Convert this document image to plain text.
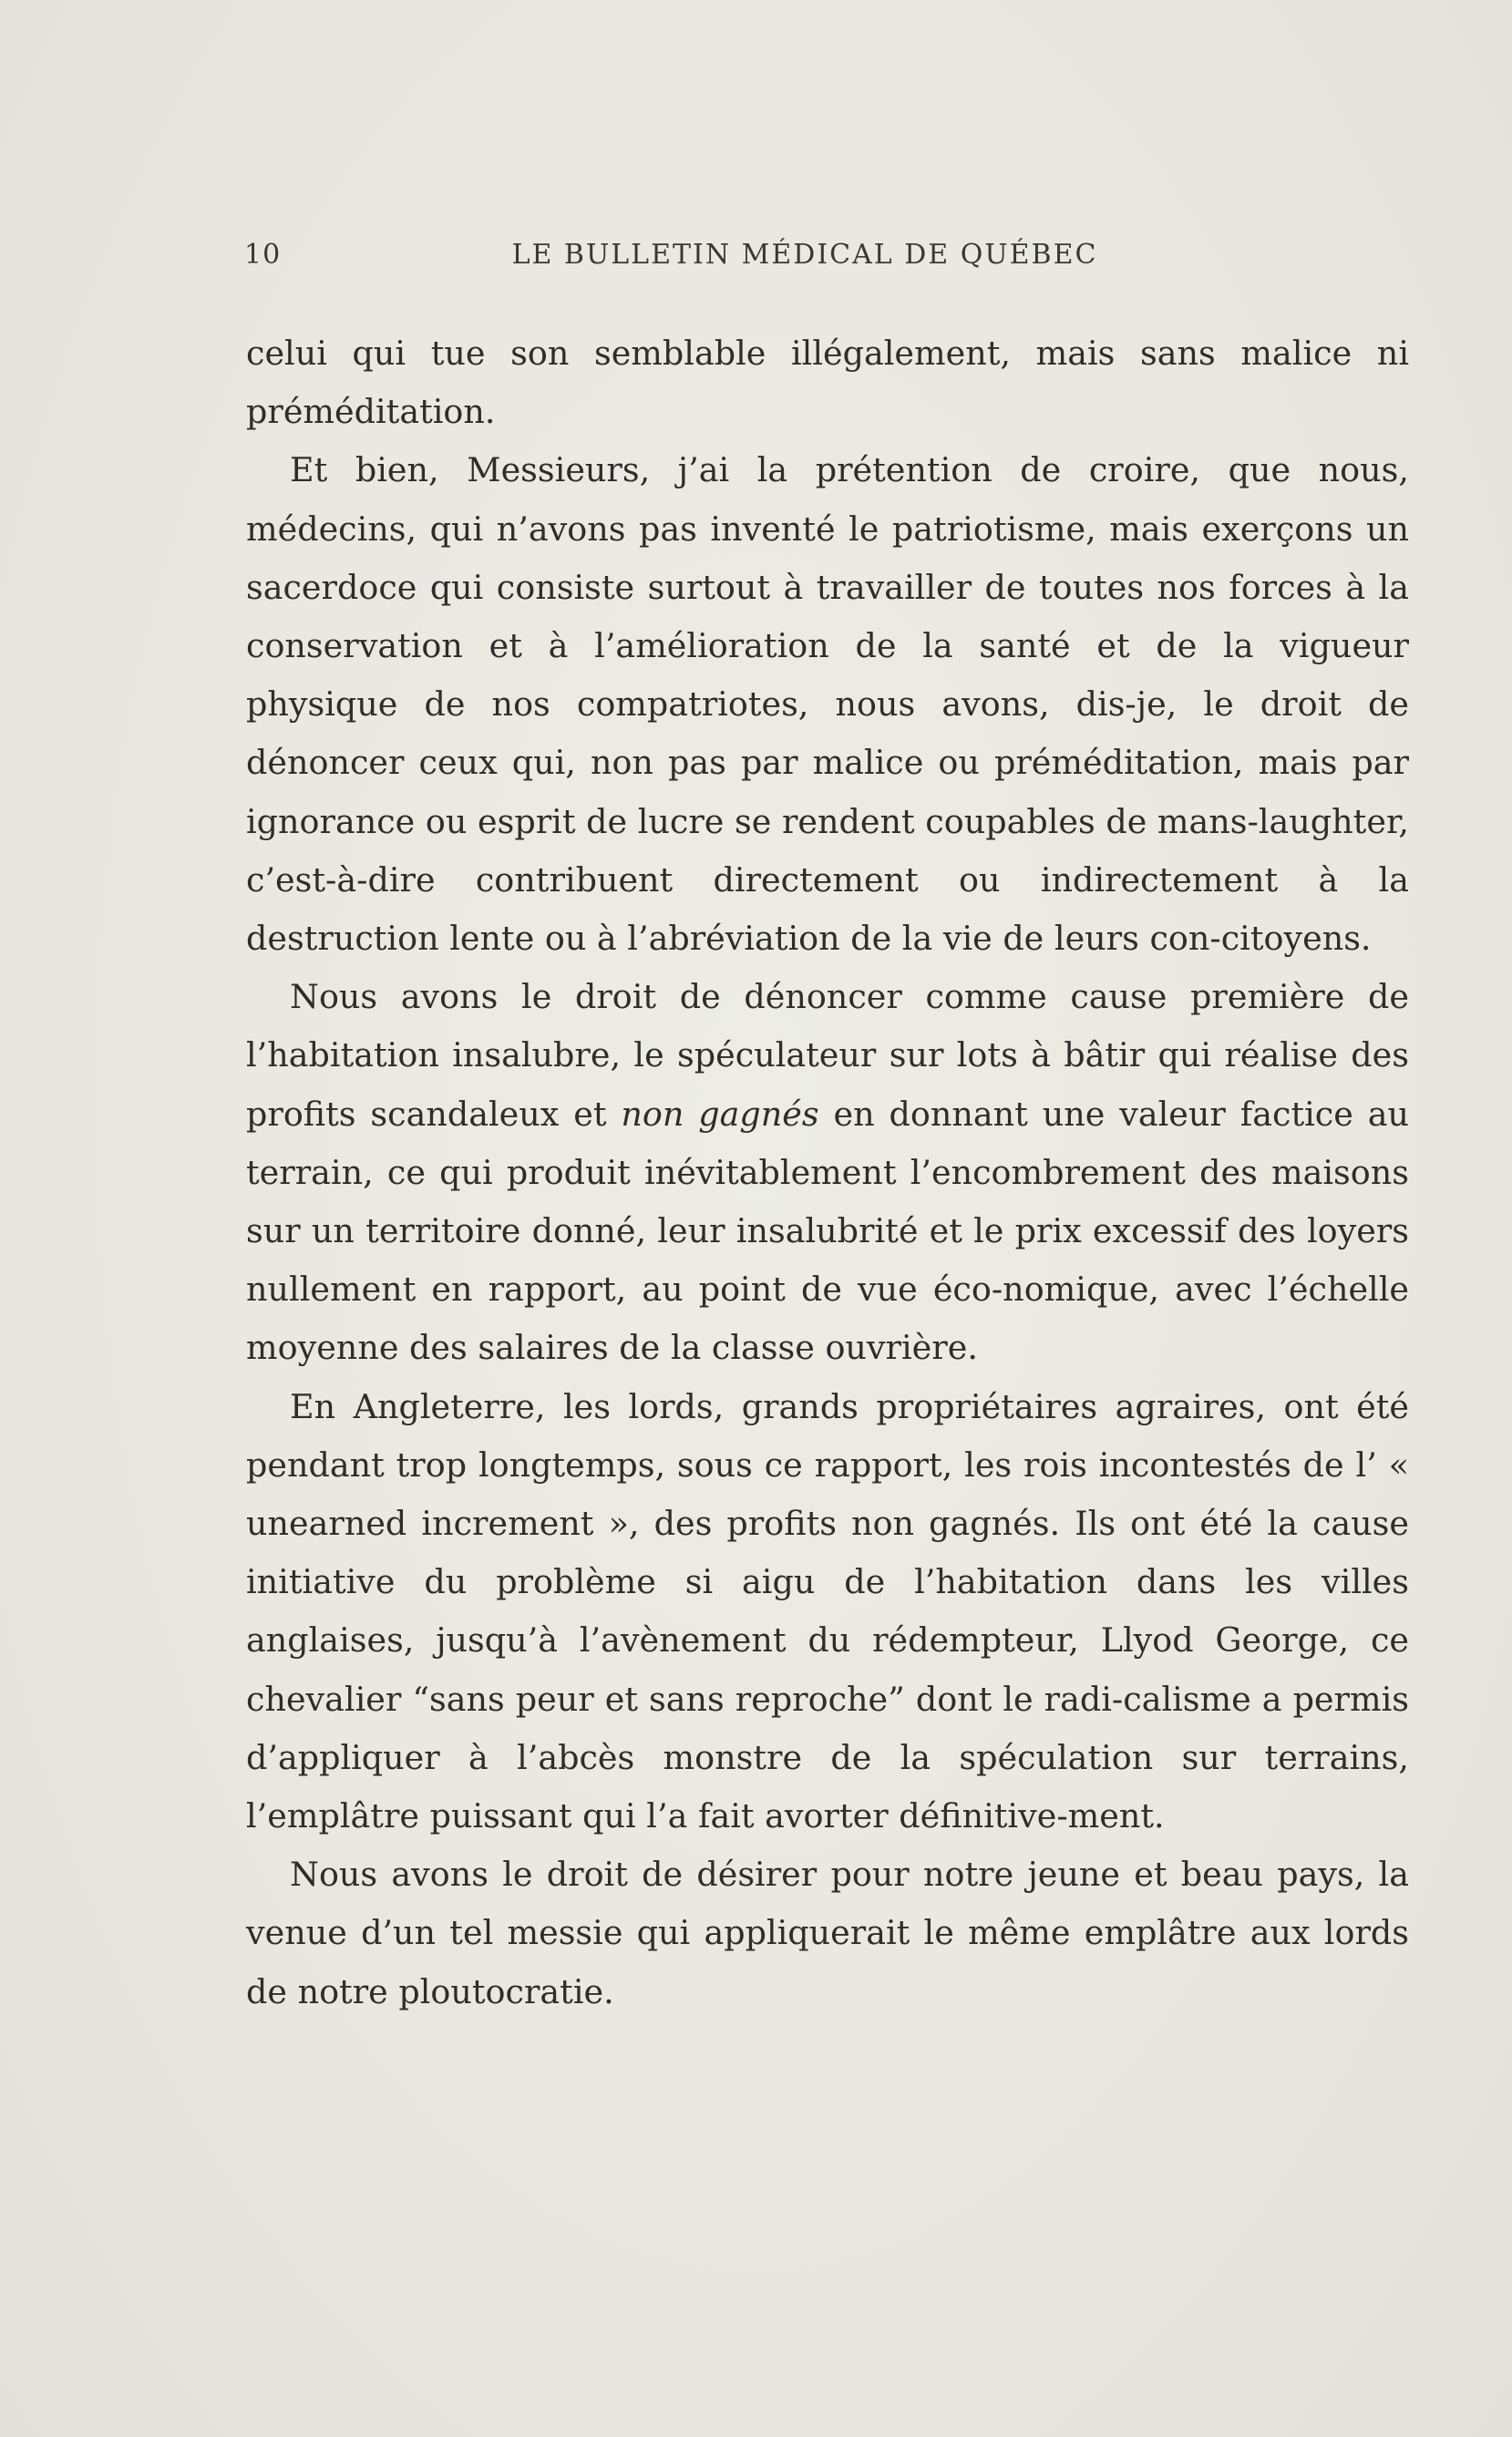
10	LE BULLETIN MÉDICAL DE QUÉBEC

celui qui tue son semblable illégalement, mais sans malice ni préméditation.

Et bien, Messieurs, j’ai la prétention de croire, que nous, médecins, qui n’avons pas inventé le patriotisme, mais exerçons un sacerdoce qui consiste surtout à travailler de toutes nos forces à la conservation et à l’amélioration de la santé et de la vigueur physique de nos compatriotes, nous avons, dis-je, le droit de dénoncer ceux qui, non pas par malice ou préméditation, mais par ignorance ou esprit de lucre se rendent coupables de mans-laughter, c’est-à-dire contribuent directement ou indirectement à la destruction lente ou à l’abréviation de la vie de leurs con-citoyens.

Nous avons le droit de dénoncer comme cause première de l’habitation insalubre, le spéculateur sur lots à bâtir qui réalise des profits scandaleux et non gagnés en donnant une valeur factice au terrain, ce qui produit inévitablement l’encombrement des maisons sur un territoire donné, leur insalubrité et le prix excessif des loyers nullement en rapport, au point de vue éco-nomique, avec l’échelle moyenne des salaires de la classe ouvrière.

En Angleterre, les lords, grands propriétaires agraires, ont été pendant trop longtemps, sous ce rapport, les rois incontestés de l’ « unearned increment », des profits non gagnés. Ils ont été la cause initiative du problème si aigu de l’habitation dans les villes anglaises, jusqu’à l’avènement du rédempteur, Llyod George, ce chevalier “sans peur et sans reproche” dont le radi-calisme a permis d’appliquer à l’abcès monstre de la spéculation sur terrains, l’emplâtre puissant qui l’a fait avorter définitive-ment.

Nous avons le droit de désirer pour notre jeune et beau pays, la venue d’un tel messie qui appliquerait le même emplâtre aux lords de notre ploutocratie.
